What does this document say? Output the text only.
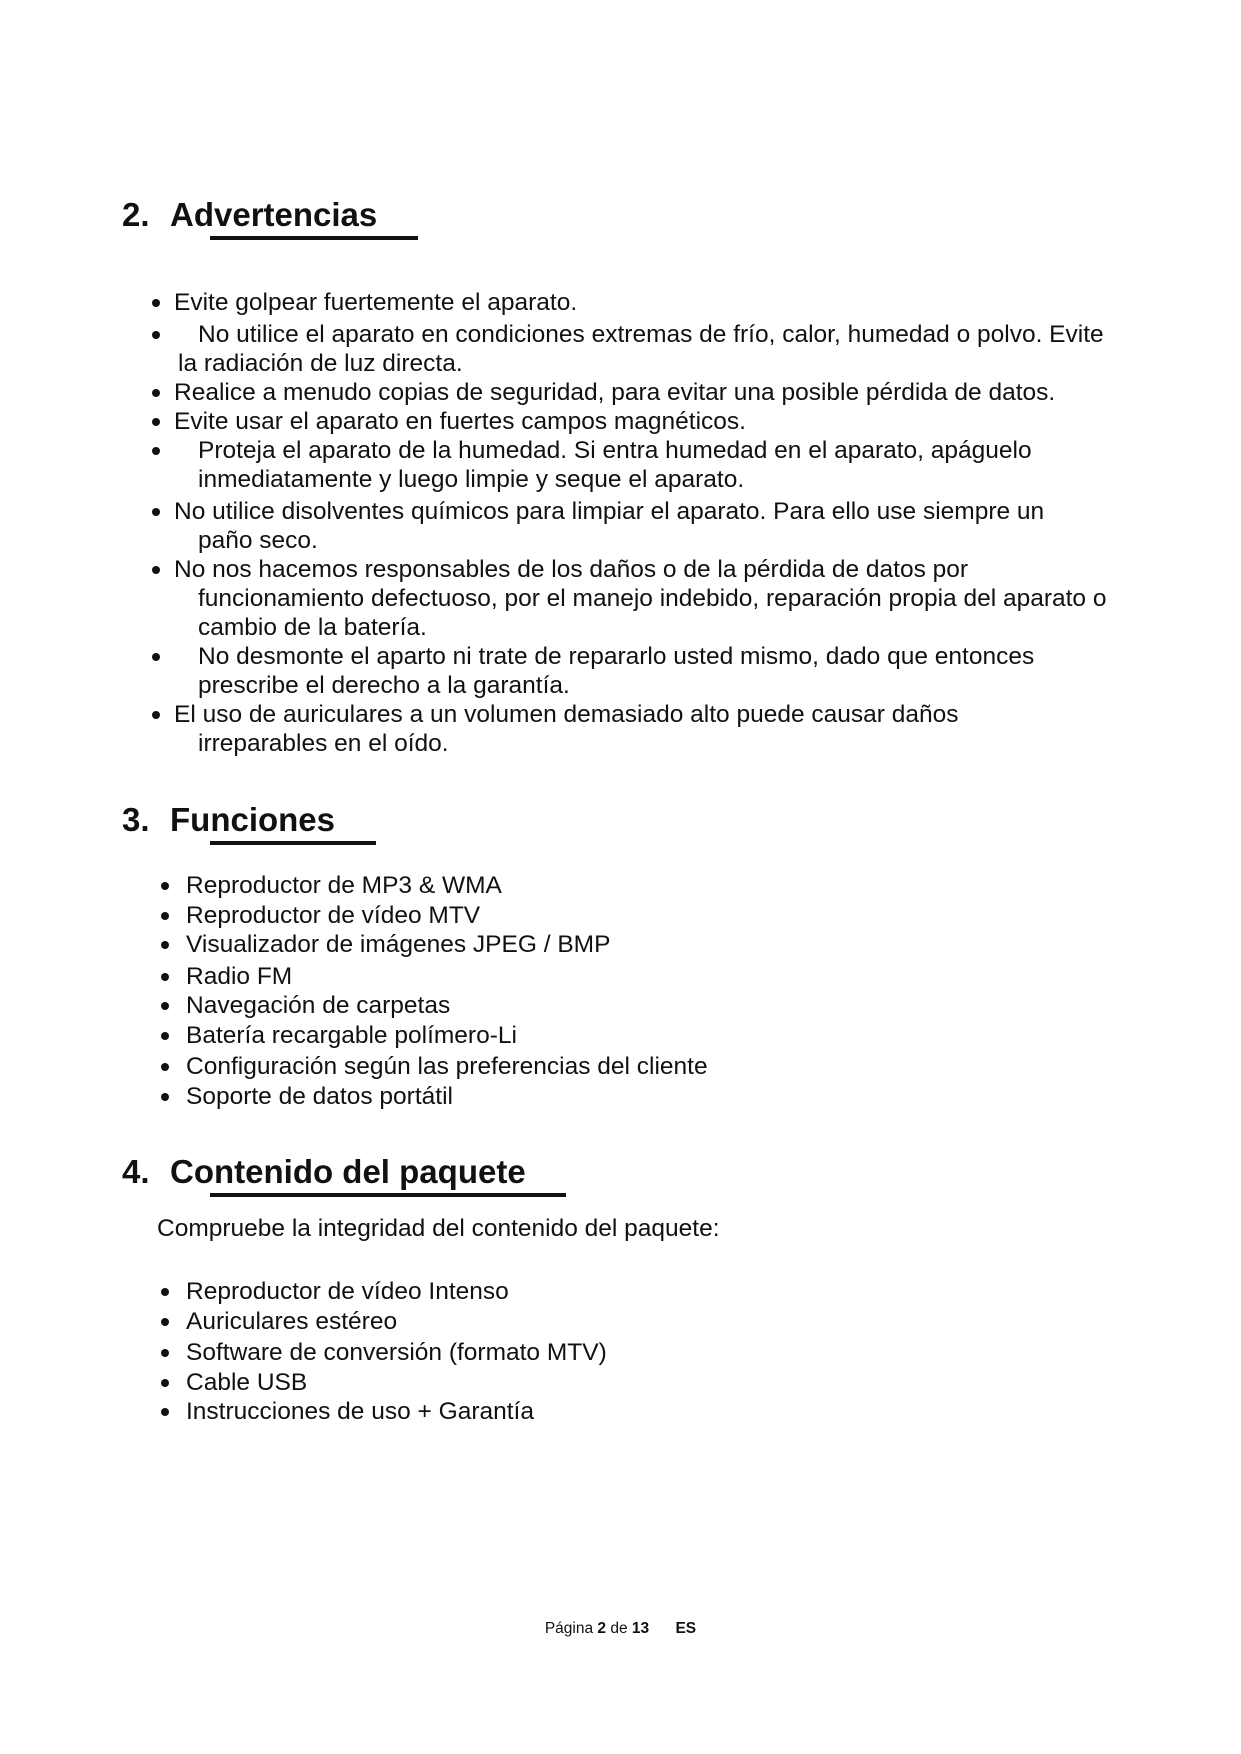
2. Advertencias
Evite golpear fuertemente el aparato.
No utilice el aparato en condiciones extremas de frío, calor, humedad o polvo. Evite
la radiación de luz directa.
Realice a menudo copias de seguridad, para evitar una posible pérdida de datos.
Evite usar el aparato en fuertes campos magnéticos.
Proteja el aparato de la humedad. Si entra humedad en el aparato, apáguelo
inmediatamente y luego limpie y seque el aparato.
No utilice disolventes químicos para limpiar el aparato. Para ello use siempre un
paño seco.
No nos hacemos responsables de los daños o de la pérdida de datos por
funcionamiento defectuoso, por el manejo indebido, reparación propia del aparato o
cambio de la batería.
No desmonte el aparto ni trate de repararlo usted mismo, dado que entonces
prescribe el derecho a la garantía.
El uso de auriculares a un volumen demasiado alto puede causar daños
irreparables en el oído.
3. Funciones
Reproductor de MP3 & WMA
Reproductor de vídeo MTV
Visualizador de imágenes JPEG / BMP
Radio FM
Navegación de carpetas
Batería recargable polímero-Li
Configuración según las preferencias del cliente
Soporte de datos portátil
4. Contenido del paquete

Compruebe la integridad del contenido del paquete:

Reproductor de vídeo Intenso
Auriculares estéreo
Software de conversión (formato MTV)
Cable USB
Instrucciones de uso + Garantía
Página 2 de 13 ES
